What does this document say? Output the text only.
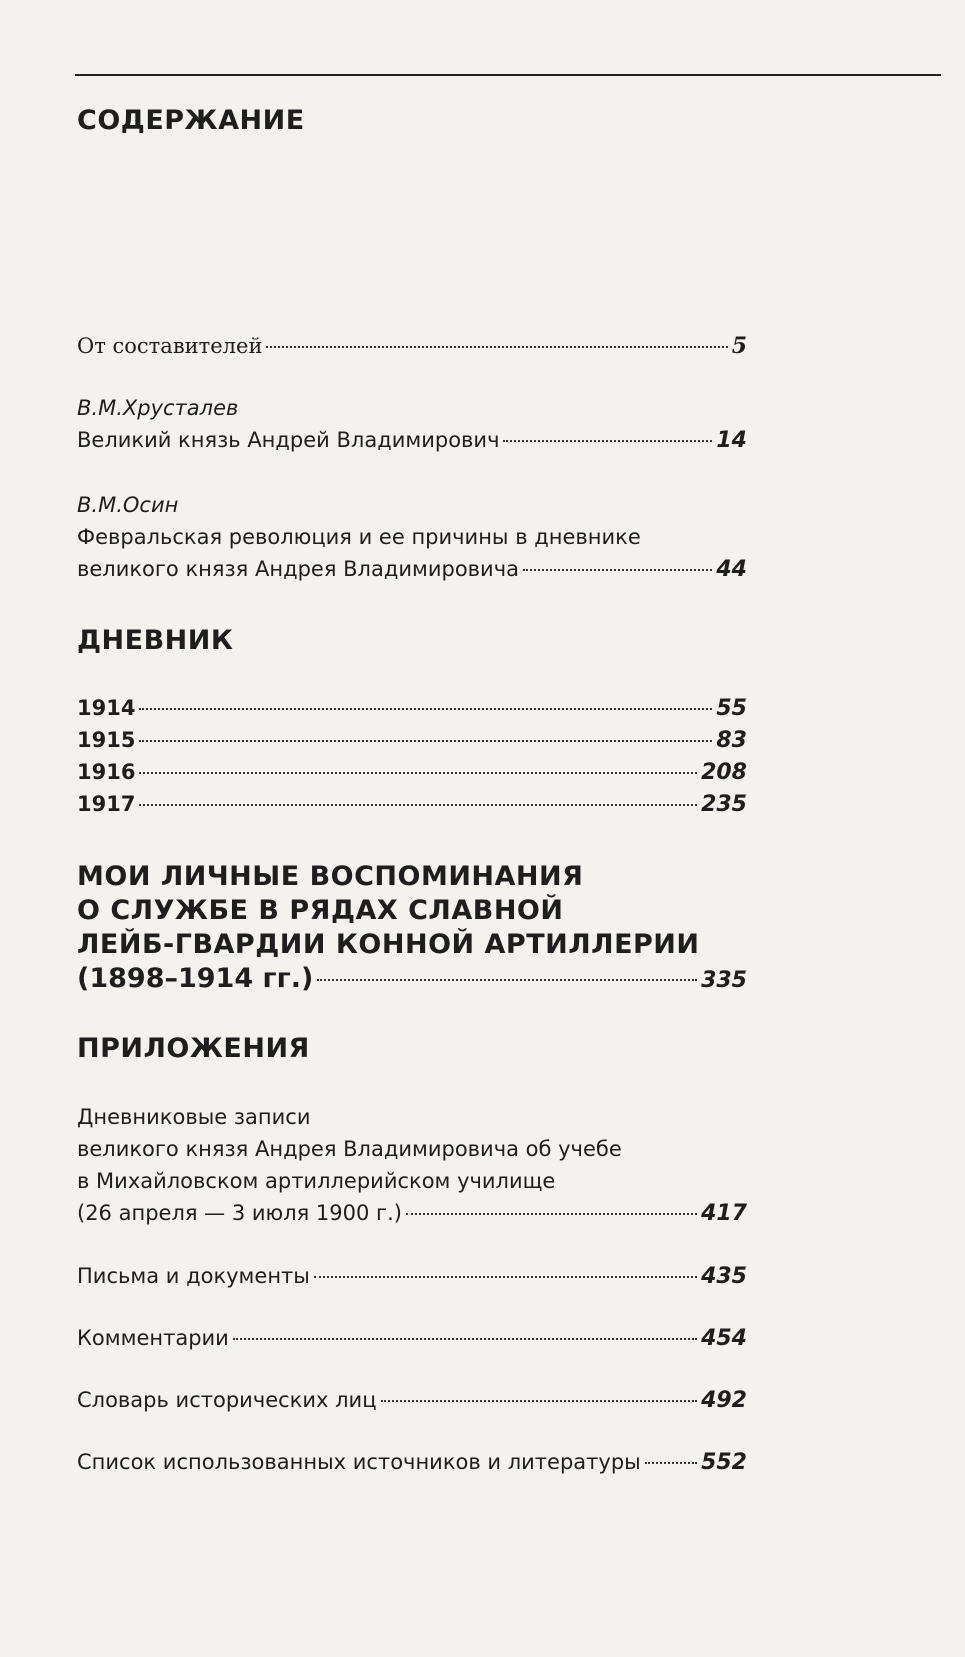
СОДЕРЖАНИЕ
От составителей	5
В.М.Хрусталев
Великий князь Андрей Владимирович	14
В.М.Осин
Февральская революция и ее причины в дневнике
великого князя Андрея Владимировича	44
ДНЕВНИК
1914	55
1915	83
1916	208
1917	235
МОИ ЛИЧНЫЕ ВОСПОМИНАНИЯ
О СЛУЖБЕ В РЯДАХ СЛАВНОЙ
ЛЕЙБ-ГВАРДИИ КОННОЙ АРТИЛЛЕРИИ
(1898–1914 гг.)	335
ПРИЛОЖЕНИЯ
Дневниковые записи
великого князя Андрея Владимировича об учебе
в Михайловском артиллерийском училище
(26 апреля — 3 июля 1900 г.)	417
Письма и документы	435
Комментарии	454
Словарь исторических лиц	492
Список использованных источников и литературы	552
